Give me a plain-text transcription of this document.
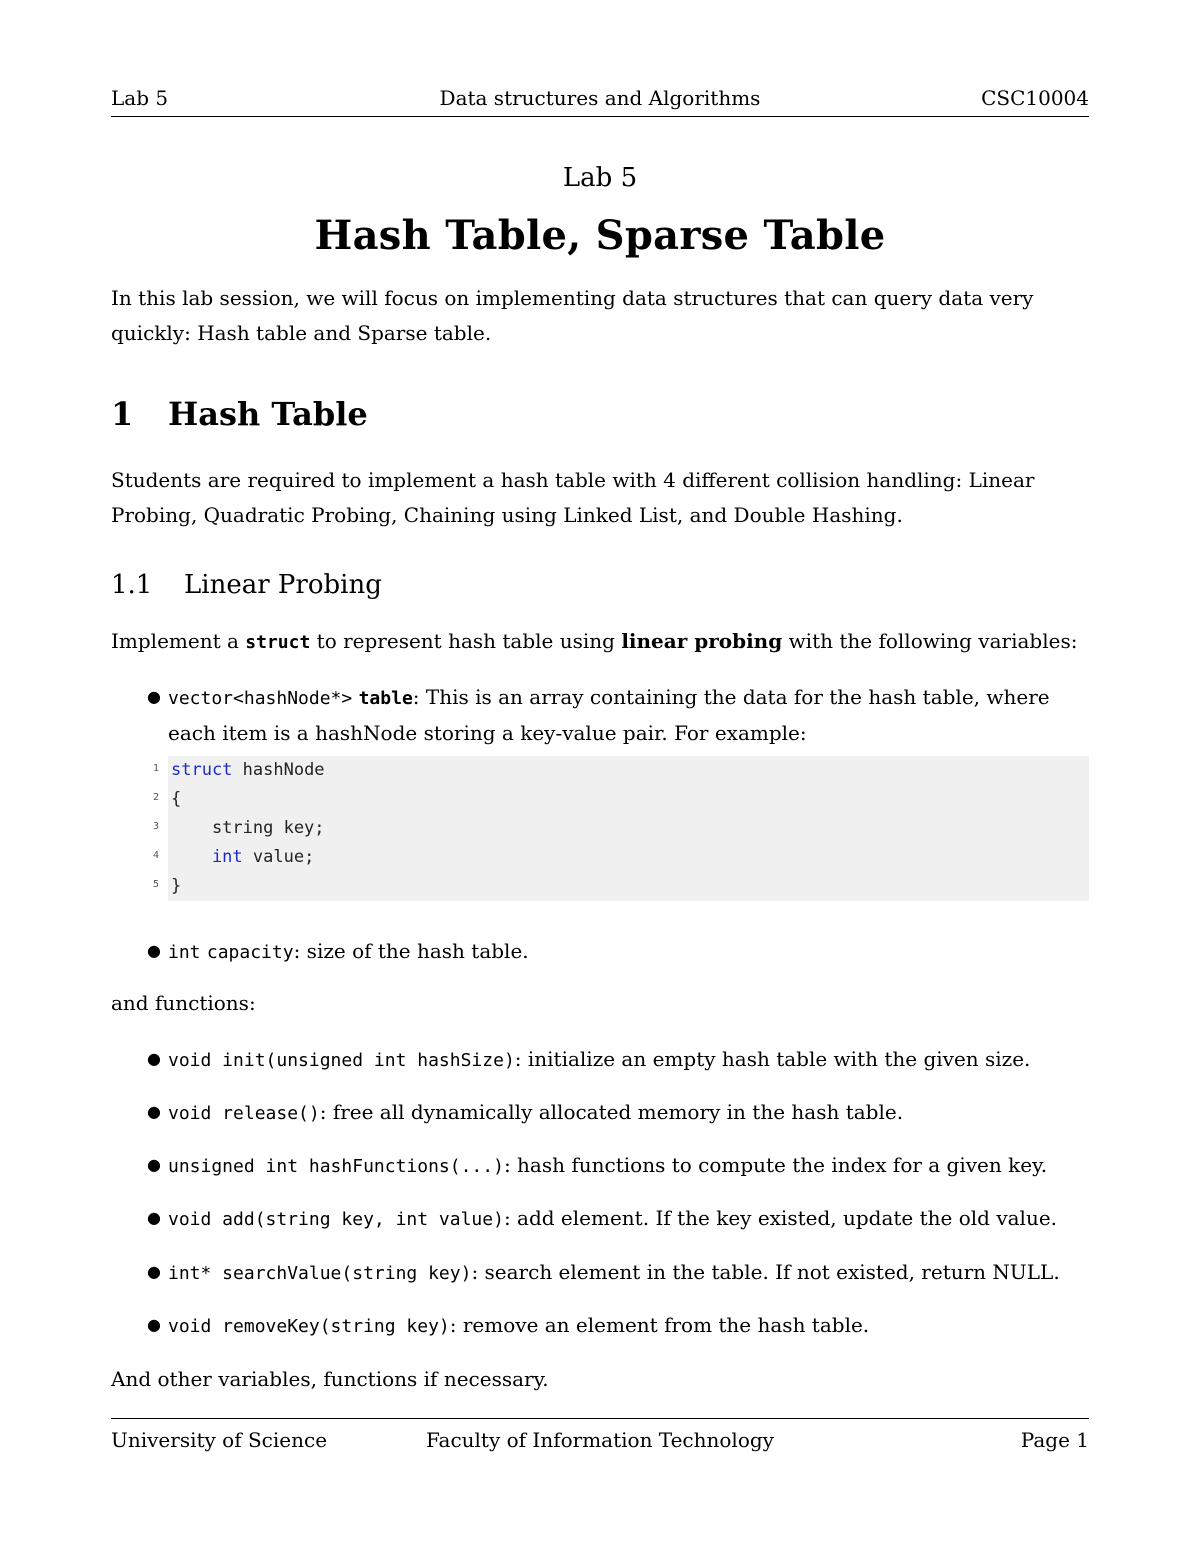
Lab 5	Data structures and Algorithms	CSC10004
Lab 5
Hash Table, Sparse Table
In this lab session, we will focus on implementing data structures that can query data very quickly: Hash table and Sparse table.
1 Hash Table
Students are required to implement a hash table with 4 different collision handling: Linear Probing, Quadratic Probing, Chaining using Linked List, and Double Hashing.
1.1 Linear Probing
Implement a struct to represent hash table using linear probing with the following variables:
● vector<hashNode*> table: This is an array containing the data for the hash table, where each item is a hashNode storing a key-value pair. For example:
1 struct hashNode
2 {
3 string key;
4 int value;
5 }
● int capacity: size of the hash table.
and functions:
● void init(unsigned int hashSize): initialize an empty hash table with the given size.
● void release(): free all dynamically allocated memory in the hash table.
● unsigned int hashFunctions(...): hash functions to compute the index for a given key.
● void add(string key, int value): add element. If the key existed, update the old value.
● int* searchValue(string key): search element in the table. If not existed, return NULL.
● void removeKey(string key): remove an element from the hash table.
And other variables, functions if necessary.
University of Science	Faculty of Information Technology	Page 1
